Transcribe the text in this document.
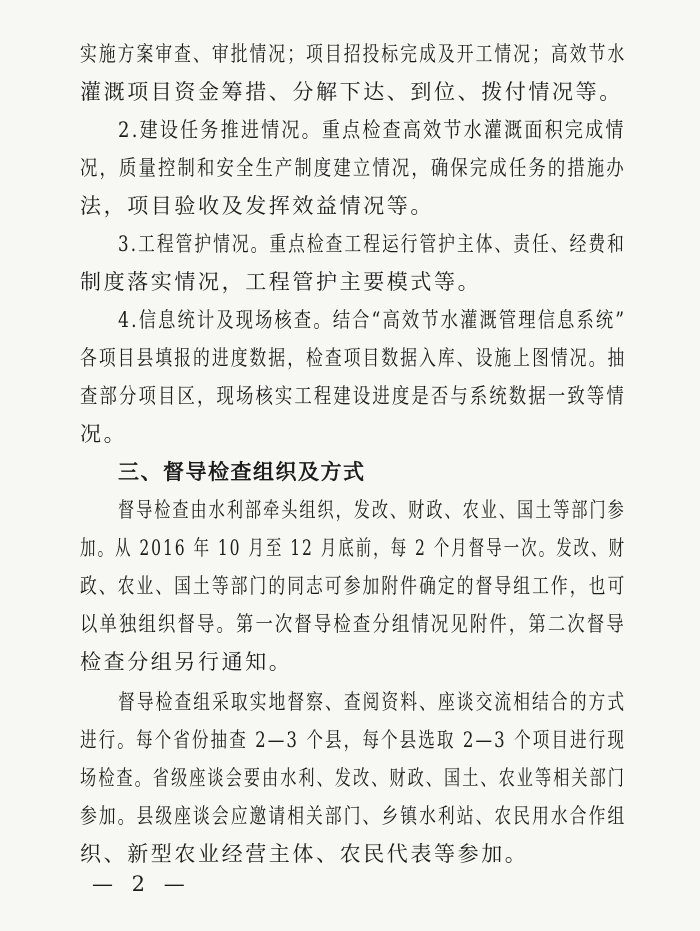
实施方案审查、审批情况；项目招投标完成及开工情况；高效节水
灌溉项目资金筹措、分解下达、到位、拨付情况等。
2.建设任务推进情况。重点检查高效节水灌溉面积完成情
况，质量控制和安全生产制度建立情况，确保完成任务的措施办
法，项目验收及发挥效益情况等。
3.工程管护情况。重点检查工程运行管护主体、责任、经费和
制度落实情况，工程管护主要模式等。
4.信息统计及现场核查。结合“高效节水灌溉管理信息系统”
各项目县填报的进度数据，检查项目数据入库、设施上图情况。抽
查部分项目区，现场核实工程建设进度是否与系统数据一致等情
况。
三、督导检查组织及方式
督导检查由水利部牵头组织，发改、财政、农业、国土等部门参
加。从 2016 年 10 月至 12 月底前，每 2 个月督导一次。发改、财
政、农业、国土等部门的同志可参加附件确定的督导组工作，也可
以单独组织督导。第一次督导检查分组情况见附件，第二次督导
检查分组另行通知。
督导检查组采取实地督察、查阅资料、座谈交流相结合的方式
进行。每个省份抽查 2—3 个县，每个县选取 2—3 个项目进行现
场检查。省级座谈会要由水利、发改、财政、国土、农业等相关部门
参加。县级座谈会应邀请相关部门、乡镇水利站、农民用水合作组
织、新型农业经营主体、农民代表等参加。
— 2 —
